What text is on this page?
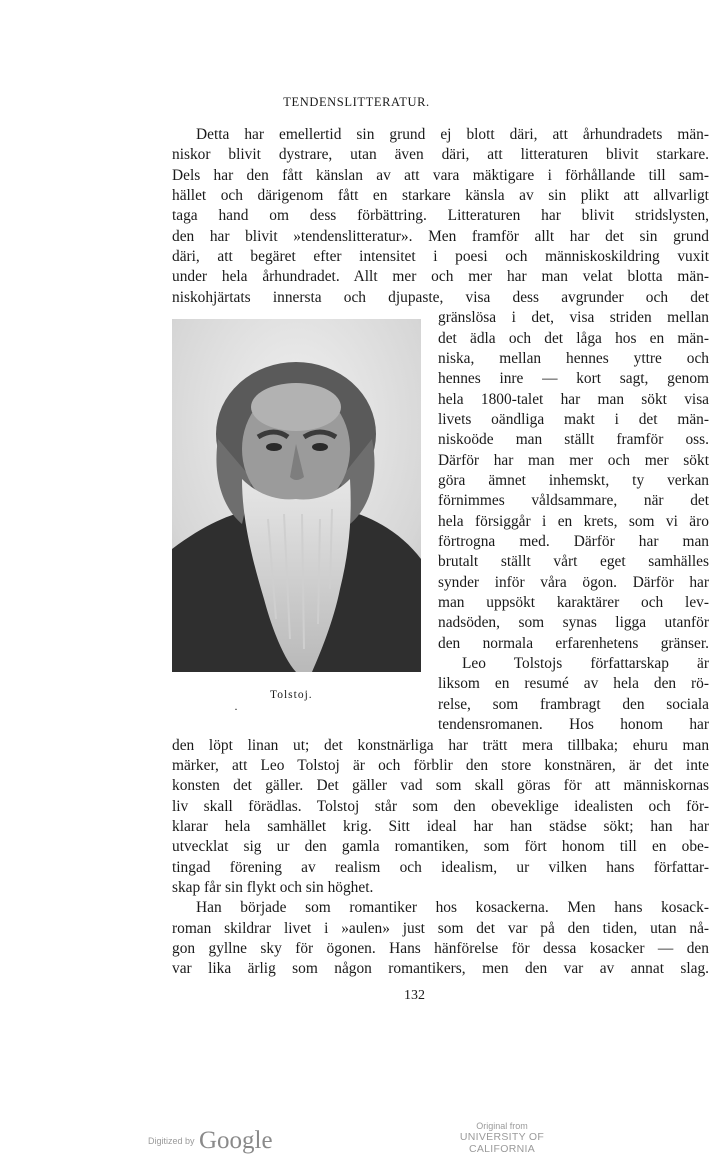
TENDENSLITTERATUR.
Detta har emellertid sin grund ej blott däri, att århundradets män-
niskor blivit dystrare, utan även däri, att litteraturen blivit starkare.
Dels har den fått känslan av att vara mäktigare i förhållande till sam-
hället och därigenom fått en starkare känsla av sin plikt att allvarligt
taga hand om dess förbättring. Litteraturen har blivit stridslysten,
den har blivit »tendenslitteratur». Men framför allt har det sin grund
däri, att begäret efter intensitet i poesi och människoskildring vuxit
under hela århundradet. Allt mer och mer har man velat blotta män-
niskohjärtats innersta och djupaste, visa dess avgrunder och det
gränslösa i det, visa striden mellan
det ädla och det låga hos en män-
niska, mellan hennes yttre och
hennes inre — kort sagt, genom
hela 1800-talet har man sökt visa
livets oändliga makt i det män-
niskoöde man ställt framför oss.
Därför har man mer och mer sökt
göra ämnet inhemskt, ty verkan
förnimmes våldsammare, när det
hela försiggår i en krets, som vi äro
förtrogna med. Därför har man
brutalt ställt vårt eget samhälles
synder inför våra ögon. Därför har
man uppsökt karaktärer och lev-
nadsöden, som synas ligga utanför
den normala erfarenhetens gränser.
Leo Tolstojs författarskap är
liksom en resumé av hela den rö-
relse, som frambragt den sociala
tendensromanen. Hos honom har
den löpt linan ut; det konstnärliga har trätt mera tillbaka; ehuru man
märker, att Leo Tolstoj är och förblir den store konstnären, är det inte
konsten det gäller. Det gäller vad som skall göras för att människornas
liv skall förädlas. Tolstoj står som den obeveklige idealisten och för-
klarar hela samhället krig. Sitt ideal har han städse sökt; han har
utvecklat sig ur den gamla romantiken, som fört honom till en obe-
tingad förening av realism och idealism, ur vilken hans författar-
skap får sin flykt och sin höghet.
Han började som romantiker hos kosackerna. Men hans kosack-
roman skildrar livet i »aulen» just som det var på den tiden, utan nå-
gon gyllne sky för ögonen. Hans hänförelse för dessa kosacker — den
var lika ärlig som någon romantikers, men den var av annat slag.
Tolstoj.
·
132
Digitized by Google
Original from
UNIVERSITY OF CALIFORNIA
